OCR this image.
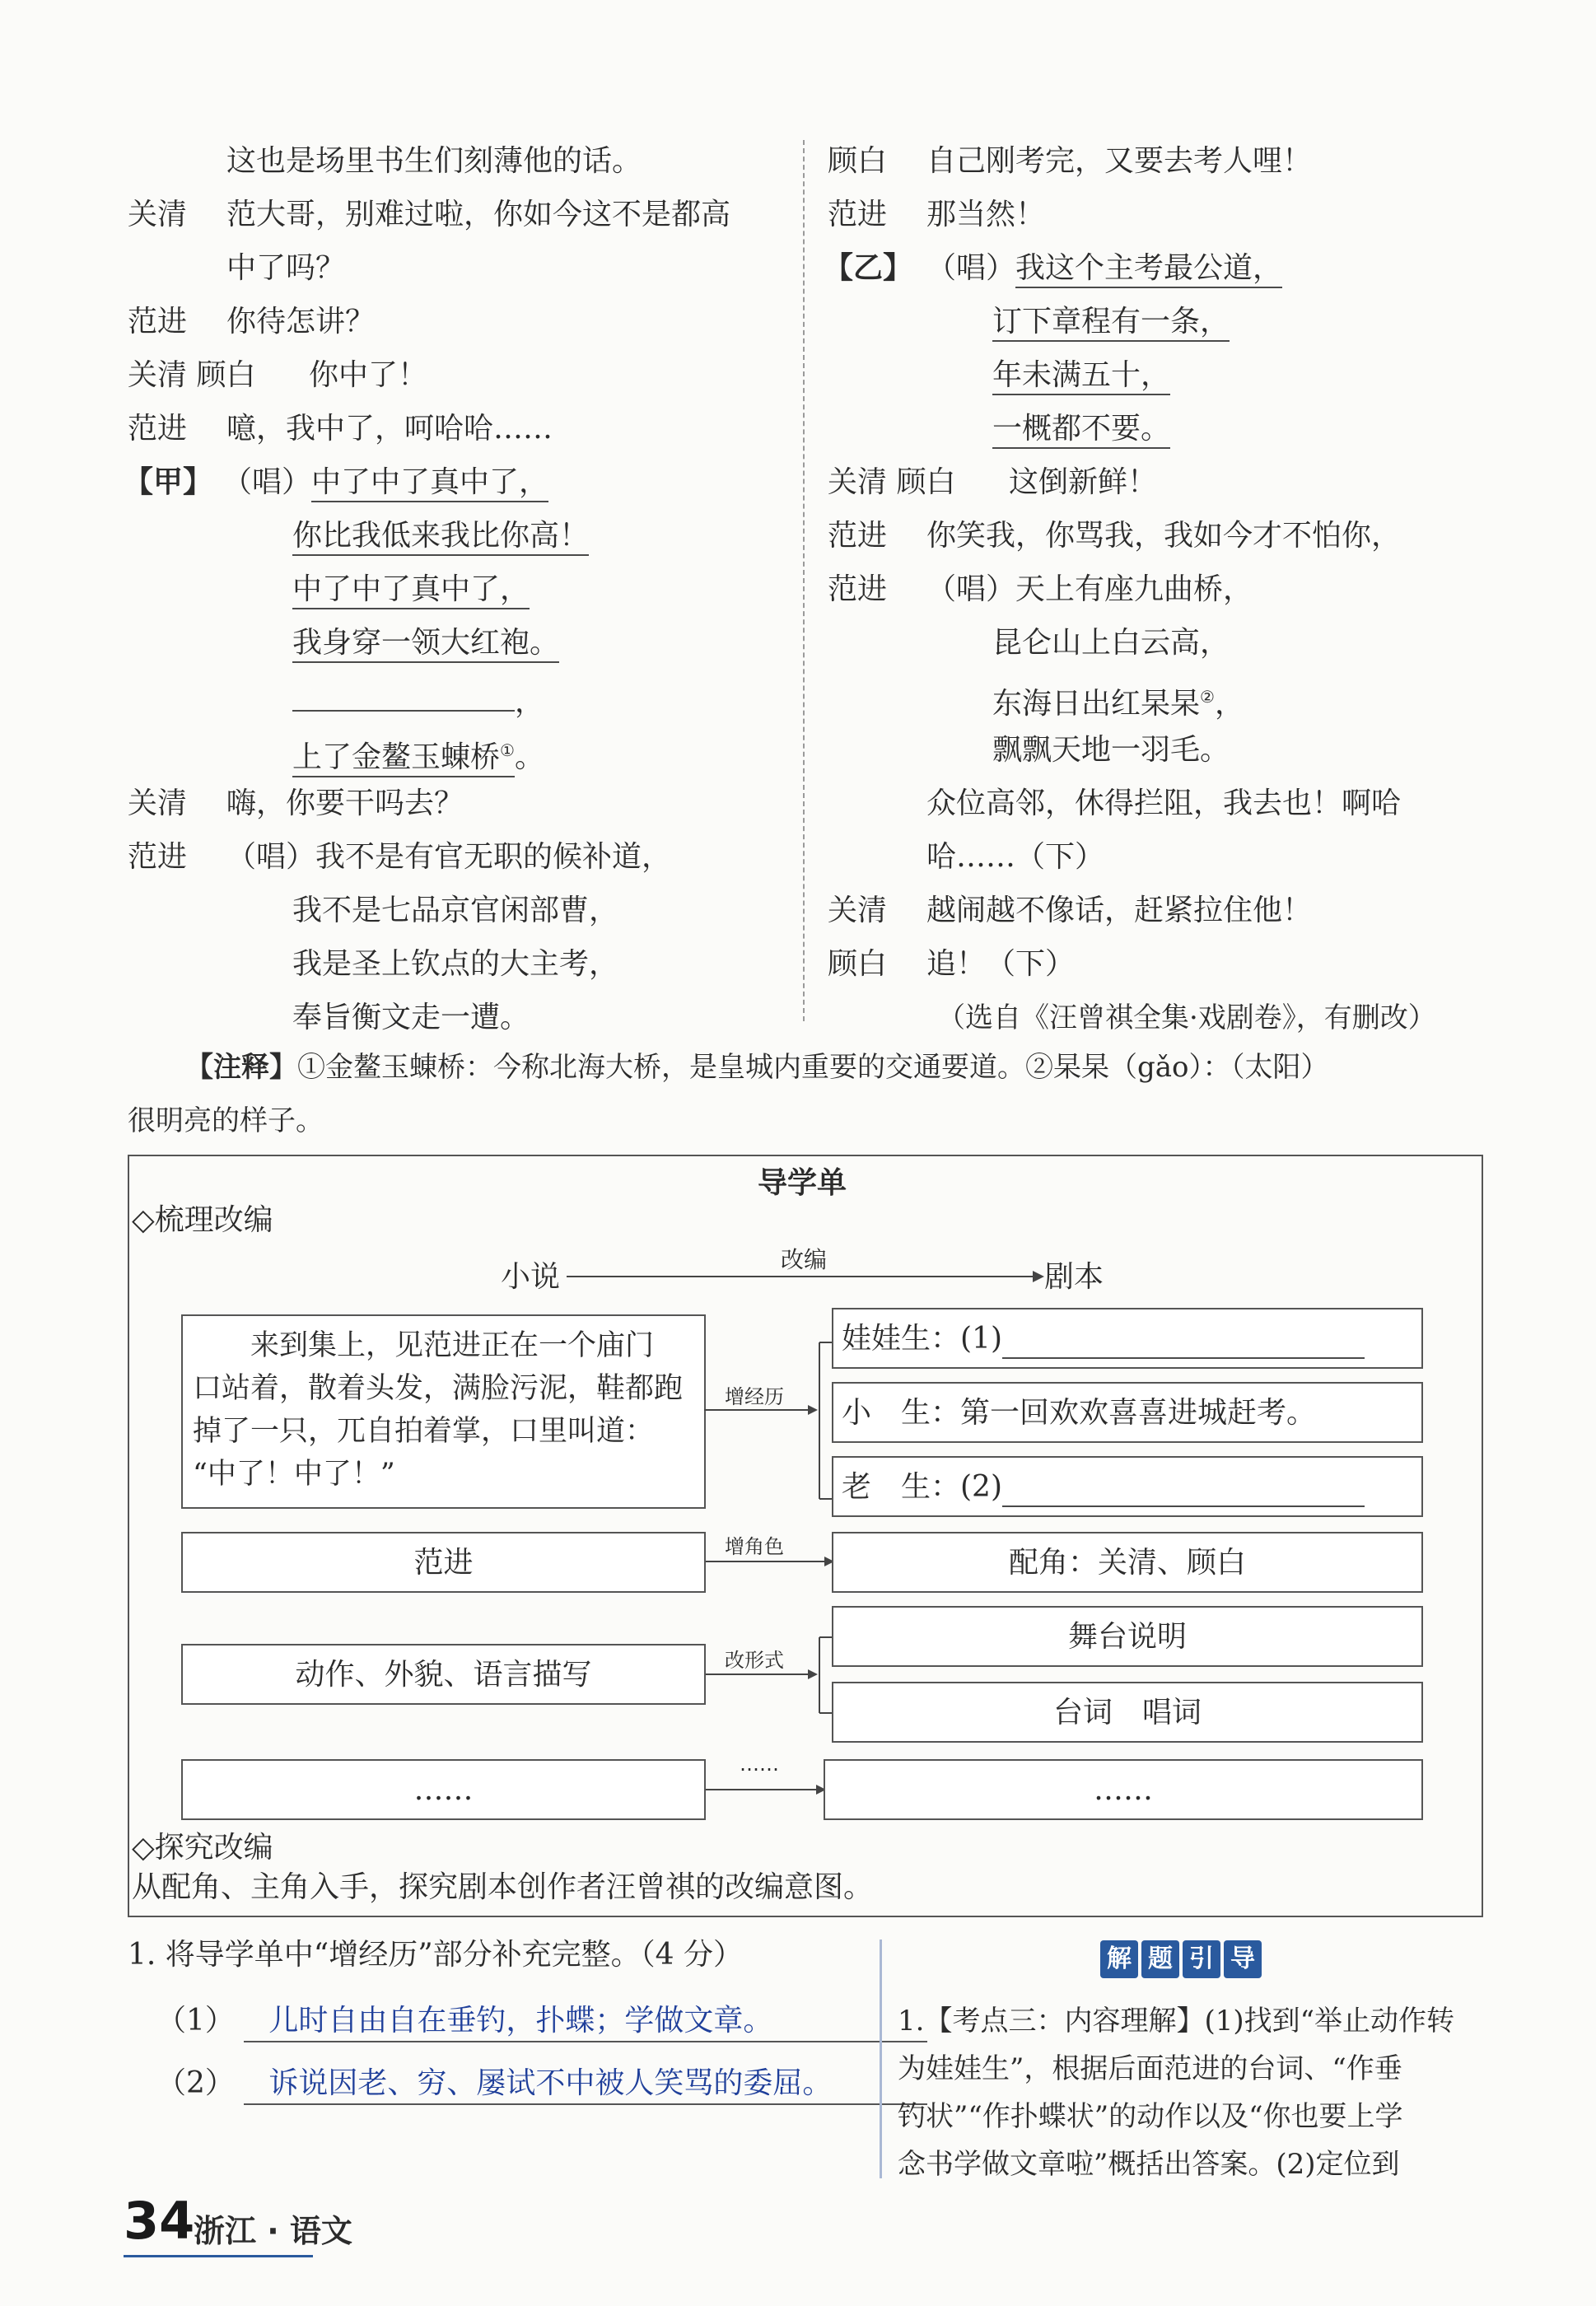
这也是场里书生们刻薄他的话。
关清 范大哥，别难过啦，你如今这不是都高
中了吗？
范进 你待怎讲？
关清 顾白 你中了！
范进 噫，我中了，呵哈哈……
【甲】 （唱）中了中了真中了，
你比我低来我比你高！
中了中了真中了，
我身穿一领大红袍。
，
上了金鳌玉蝀桥①。
关清 嗨，你要干吗去？
范进 （唱）我不是有官无职的候补道，
我不是七品京官闲部曹，
我是圣上钦点的大主考，
奉旨衡文走一遭。
顾白 自己刚考完，又要去考人哩！
范进 那当然！
【乙】 （唱）我这个主考最公道，
订下章程有一条，
年未满五十，
一概都不要。
关清 顾白 这倒新鲜！
范进 你笑我，你骂我，我如今才不怕你，
范进 （唱）天上有座九曲桥，
昆仑山上白云高，
东海日出红杲杲②，
飘飘天地一羽毛。
众位高邻，休得拦阻，我去也！啊哈
哈……（下）
关清 越闹越不像话，赶紧拉住他！
顾白 追！（下）
（选自《汪曾祺全集·戏剧卷》，有删改）
【注释】①金鳌玉蝀桥：今称北海大桥，是皇城内重要的交通要道。②杲杲（gǎo）：（太阳）
很明亮的样子。
导学单
◇梳理改编
小说
改编
剧本
来到集上，见范进正在一个庙门
口站着，散着头发，满脸污泥，鞋都跑
掉了一只，兀自拍着掌，口里叫道：
“中了！中了！”
增经历
增角色
改形式
……
娃娃生：(1)
小　生：第一回欢欢喜喜进城赶考。
老　生：(2)
范进	配角：关清、顾白
动作、外貌、语言描写
舞台说明
台词　唱词
……	……
◇探究改编
从配角、主角入手，探究剧本创作者汪曾祺的改编意图。
1. 将导学单中“增经历”部分补充完整。（4 分）
（1） 儿时自由自在垂钓，扑蝶；学做文章。
（2） 诉说因老、穷、屡试不中被人笑骂的委屈。
解 题 引 导
1.【考点三：内容理解】(1)找到“举止动作转
为娃娃生”，根据后面范进的台词、“作垂
钓状”“作扑蝶状”的动作以及“你也要上学
念书学做文章啦”概括出答案。(2)定位到
34
浙江 · 语文
